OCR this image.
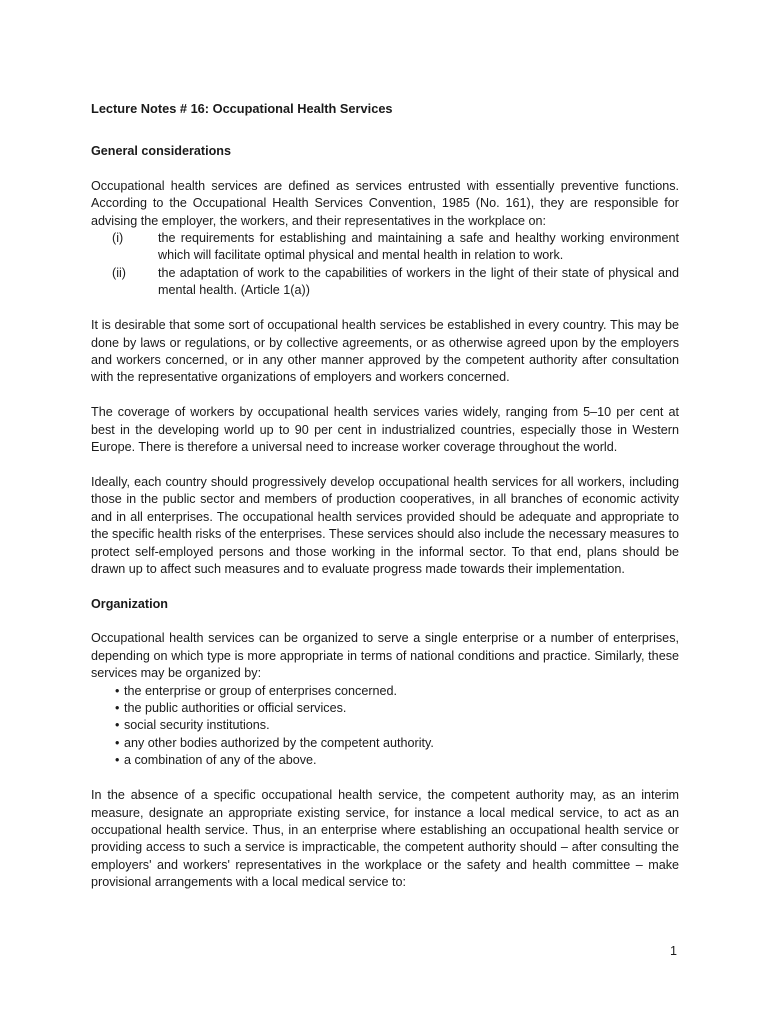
Lecture Notes # 16: Occupational Health Services
General considerations

Occupational health services are defined as services entrusted with essentially preventive functions. According to the Occupational Health Services Convention, 1985 (No. 161), they are responsible for advising the employer, the workers, and their representatives in the workplace on:

(i)	the requirements for establishing and maintaining a safe and healthy working environment which will facilitate optimal physical and mental health in relation to work.
(ii)	the adaptation of work to the capabilities of workers in the light of their state of physical and mental health. (Article 1(a))

It is desirable that some sort of occupational health services be established in every country. This may be done by laws or regulations, or by collective agreements, or as otherwise agreed upon by the employers and workers concerned, or in any other manner approved by the competent authority after consultation with the representative organizations of employers and workers concerned.

The coverage of workers by occupational health services varies widely, ranging from 5–10 per cent at best in the developing world up to 90 per cent in industrialized countries, especially those in Western Europe. There is therefore a universal need to increase worker coverage throughout the world.

Ideally, each country should progressively develop occupational health services for all workers, including those in the public sector and members of production cooperatives, in all branches of economic activity and in all enterprises. The occupational health services provided should be adequate and appropriate to the specific health risks of the enterprises. These services should also include the necessary measures to protect self-employed persons and those working in the informal sector. To that end, plans should be drawn up to affect such measures and to evaluate progress made towards their implementation.

Organization

Occupational health services can be organized to serve a single enterprise or a number of enterprises, depending on which type is more appropriate in terms of national conditions and practice. Similarly, these services may be organized by:

• the enterprise or group of enterprises concerned.
• the public authorities or official services.
• social security institutions.
• any other bodies authorized by the competent authority.
• a combination of any of the above.

In the absence of a specific occupational health service, the competent authority may, as an interim measure, designate an appropriate existing service, for instance a local medical service, to act as an occupational health service. Thus, in an enterprise where establishing an occupational health service or providing access to such a service is impracticable, the competent authority should – after consulting the employers' and workers' representatives in the workplace or the safety and health committee – make provisional arrangements with a local medical service to:

1
